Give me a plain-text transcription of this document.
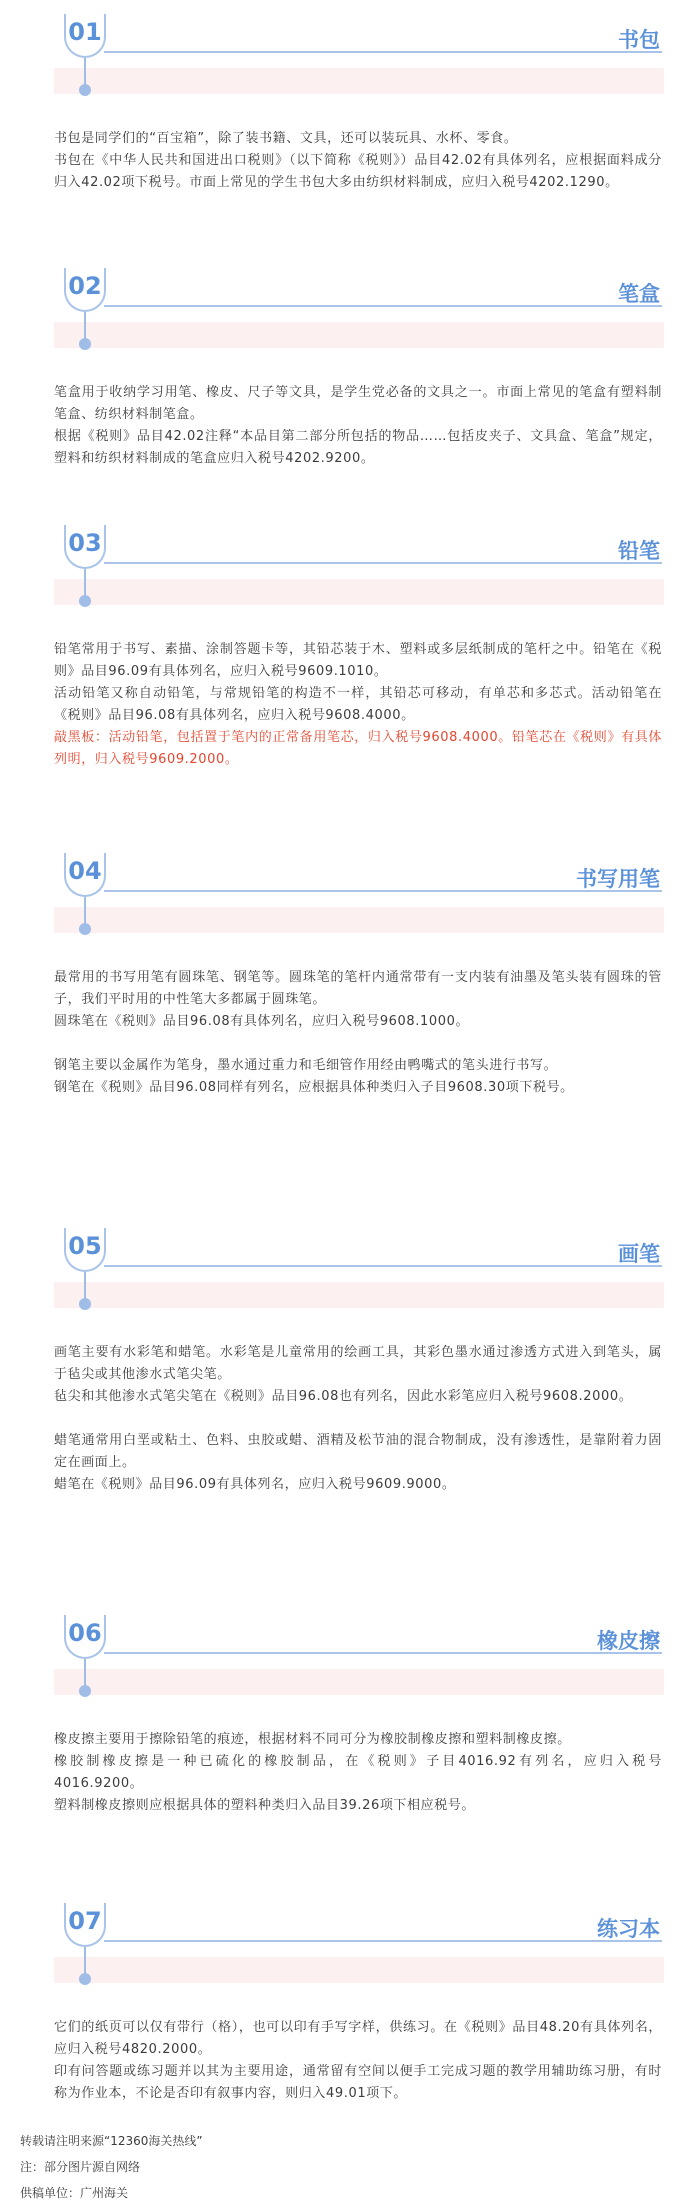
01	书包

书包是同学们的“百宝箱”，除了装书籍、文具，还可以装玩具、水杯、零食。

书包在《中华人民共和国进出口税则》（以下简称《税则》）品目42.02有具体列名，应根据面料成分归入42.02项下税号。市面上常见的学生书包大多由纺织材料制成，应归入税号4202.1290。

02	笔盒

笔盒用于收纳学习用笔、橡皮、尺子等文具，是学生党必备的文具之一。市面上常见的笔盒有塑料制笔盒、纺织材料制笔盒。

根据《税则》品目42.02注释“本品目第二部分所包括的物品……包括皮夹子、文具盒、笔盒”规定，塑料和纺织材料制成的笔盒应归入税号4202.9200。

03	铅笔

铅笔常用于书写、素描、涂制答题卡等，其铅芯装于木、塑料或多层纸制成的笔杆之中。铅笔在《税则》品目96.09有具体列名，应归入税号9609.1010。

活动铅笔又称自动铅笔，与常规铅笔的构造不一样，其铅芯可移动，有单芯和多芯式。活动铅笔在《税则》品目96.08有具体列名，应归入税号9608.4000。

敲黑板：活动铅笔，包括置于笔内的正常备用笔芯，归入税号9608.4000。铅笔芯在《税则》有具体列明，归入税号9609.2000。

04	书写用笔

最常用的书写用笔有圆珠笔、钢笔等。圆珠笔的笔杆内通常带有一支内装有油墨及笔头装有圆珠的管子，我们平时用的中性笔大多都属于圆珠笔。

圆珠笔在《税则》品目96.08有具体列名，应归入税号9608.1000。

钢笔主要以金属作为笔身，墨水通过重力和毛细管作用经由鸭嘴式的笔头进行书写。

钢笔在《税则》品目96.08同样有列名，应根据具体种类归入子目9608.30项下税号。

05	画笔

画笔主要有水彩笔和蜡笔。水彩笔是儿童常用的绘画工具，其彩色墨水通过渗透方式进入到笔头，属于毡尖或其他渗水式笔尖笔。

毡尖和其他渗水式笔尖笔在《税则》品目96.08也有列名，因此水彩笔应归入税号9608.2000。

蜡笔通常用白垩或粘土、色料、虫胶或蜡、酒精及松节油的混合物制成，没有渗透性，是靠附着力固定在画面上。

蜡笔在《税则》品目96.09有具体列名，应归入税号9609.9000。

06	橡皮擦

橡皮擦主要用于擦除铅笔的痕迹，根据材料不同可分为橡胶制橡皮擦和塑料制橡皮擦。

橡胶制橡皮擦是一种已硫化的橡胶制品，在《税则》子目4016.92有列名，应归入税号4016.9200。

塑料制橡皮擦则应根据具体的塑料种类归入品目39.26项下相应税号。

07	练习本

它们的纸页可以仅有带行（格），也可以印有手写字样，供练习。在《税则》品目48.20有具体列名，应归入税号4820.2000。

印有问答题或练习题并以其为主要用途，通常留有空间以便手工完成习题的教学用辅助练习册，有时称为作业本，不论是否印有叙事内容，则归入49.01项下。

转载请注明来源“12360海关热线”
注：部分图片源自网络
供稿单位：广州海关
